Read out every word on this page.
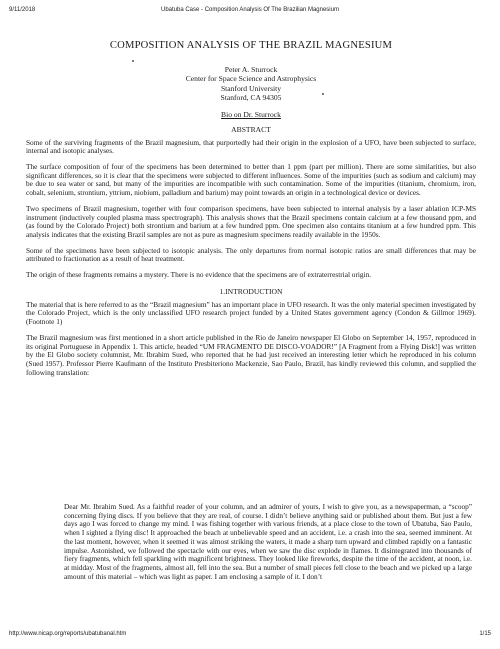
9/11/2018	Ubatuba Case - Composition Analysis Of The Brazilian Magnesium
COMPOSITION ANALYSIS OF THE BRAZIL MAGNESIUM
Peter A. Sturrock
Center for Space Science and Astrophysics
Stanford University
Stanford, CA 94305
Bio on Dr. Sturrock
ABSTRACT

Some of the surviving fragments of the Brazil magnesium, that purportedly had their origin in the explosion of a UFO, have been subjected to surface, internal and isotopic analyses.

The surface composition of four of the specimens has been determined to better than 1 ppm (part per million). There are some similarities, but also significant differences, so it is clear that the specimens were subjected to different influences. Some of the impurities (such as sodium and calcium) may be due to sea water or sand, but many of the impurities are incompatible with such contamination. Some of the impurities (titanium, chromium, iron, cobalt, selenium, strontium, yttrium, niobium, palladium and barium) may point towards an origin in a technological device or devices.

Two specimens of Brazil magnesium, together with four comparison specimens, have been subjected to internal analysis by a laser ablation ICP-MS instrument (inductively coupled plasma mass spectrograph). This analysis shows that the Brazil specimens contain calcium at a few thousand ppm, and (as found by the Colorado Project) both strontium and barium at a few hundred ppm. One specimen also contains titanium at a few hundred ppm. This analysis indicates that the existing Brazil samples are not as pure as magnesium specimens readily available in the 1950s.

Some of the specimens have been subjected to isotopic analysis. The only departures from normal isotopic ratios are small differences that may be attributed to fractionation as a result of heat treatment.

The origin of these fragments remains a mystery. There is no evidence that the specimens are of extraterrestrial origin.

1.INTRODUCTION

The material that is here referred to as the “Brazil magnesium” has an important place in UFO research. It was the only material specimen investigated by the Colorado Project, which is the only unclassified UFO research project funded by a United States government agency (Condon & Gillmor 1969). (Footnote 1)

The Brazil magnesium was first mentioned in a short article published in the Rio de Janeiro newspaper El Globo on September 14, 1957, reproduced in its original Portuguese in Appendix 1. This article, headed “UM FRAGMENTO DE DISCO-VOADOR!” [A Fragment from a Flying Disk!] was written by the El Globo society columnist, Mr. Ibrahim Sued, who reported that he had just received an interesting letter which he reproduced in his column (Sued 1957). Professor Pierre Kaufmann of the Instituto Presbiteriono Mackenzie, Sao Paulo, Brazil, has kindly reviewed this column, and supplied the following translation:

Dear Mr. Ibrahim Sued. As a faithful reader of your column, and an admirer of yours, I wish to give you, as a newspaperman, a “scoop” concerning flying discs. If you believe that they are real, of course. I didn’t believe anything said or published about them. But just a few days ago I was forced to change my mind. I was fishing together with various friends, at a place close to the town of Ubatuba, Sao Paulo, when I sighted a flying disc! It approached the beach at unbelievable speed and an accident, i.e. a crash into the sea, seemed imminent. At the last moment, however, when it seemed it was almost striking the waters, it made a sharp turn upward and climbed rapidly on a fantastic impulse. Astonished, we followed the spectacle with our eyes, when we saw the disc explode in flames. It disintegrated into thousands of fiery fragments, which fell sparkling with magnificent brightness. They looked like fireworks, despite the time of the accident, at noon, i.e. at midday. Most of the fragments, almost all, fell into the sea. But a number of small pieces fell close to the beach and we picked up a large amount of this material – which was light as paper. I am enclosing a sample of it. I don’t

http://www.nicap.org/reports/ubatubanal.htm	1/15
